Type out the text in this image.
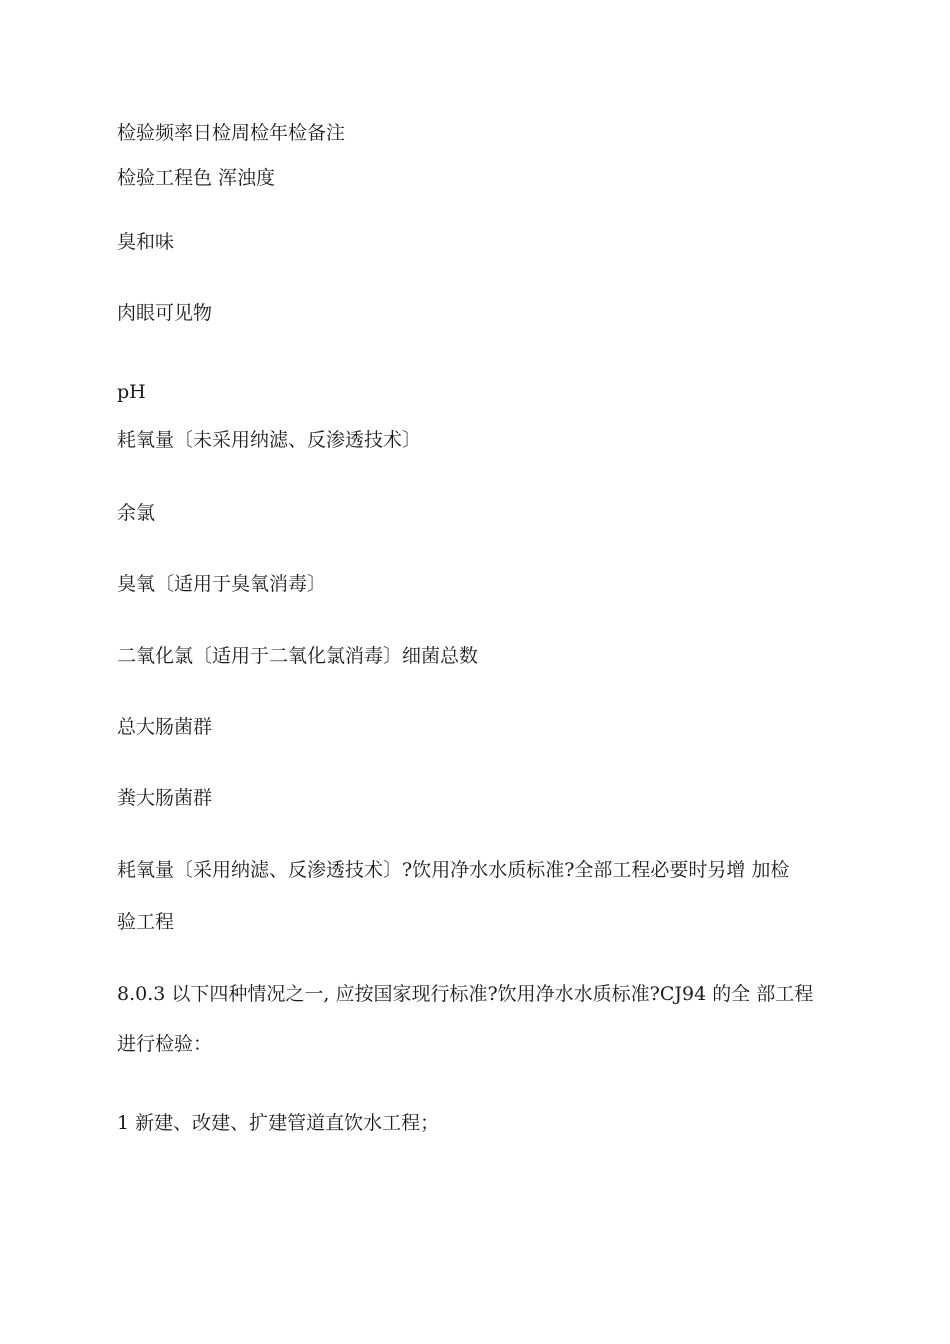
检验频率日检周检年检备注
检验工程色 浑浊度
臭和味
肉眼可见物
pH
耗氧量〔未采用纳滤、反渗透技术〕
余氯
臭氧〔适用于臭氧消毒〕
二氧化氯〔适用于二氧化氯消毒〕细菌总数
总大肠菌群
粪大肠菌群
耗氧量〔采用纳滤、反渗透技术〕?饮用净水水质标准?全部工程必要时另增 加检
验工程
8.0.3 以下四种情况之一, 应按国家现行标准?饮用净水水质标准?CJ94 的全 部工程
进行检验：
1 新建、改建、扩建管道直饮水工程；
